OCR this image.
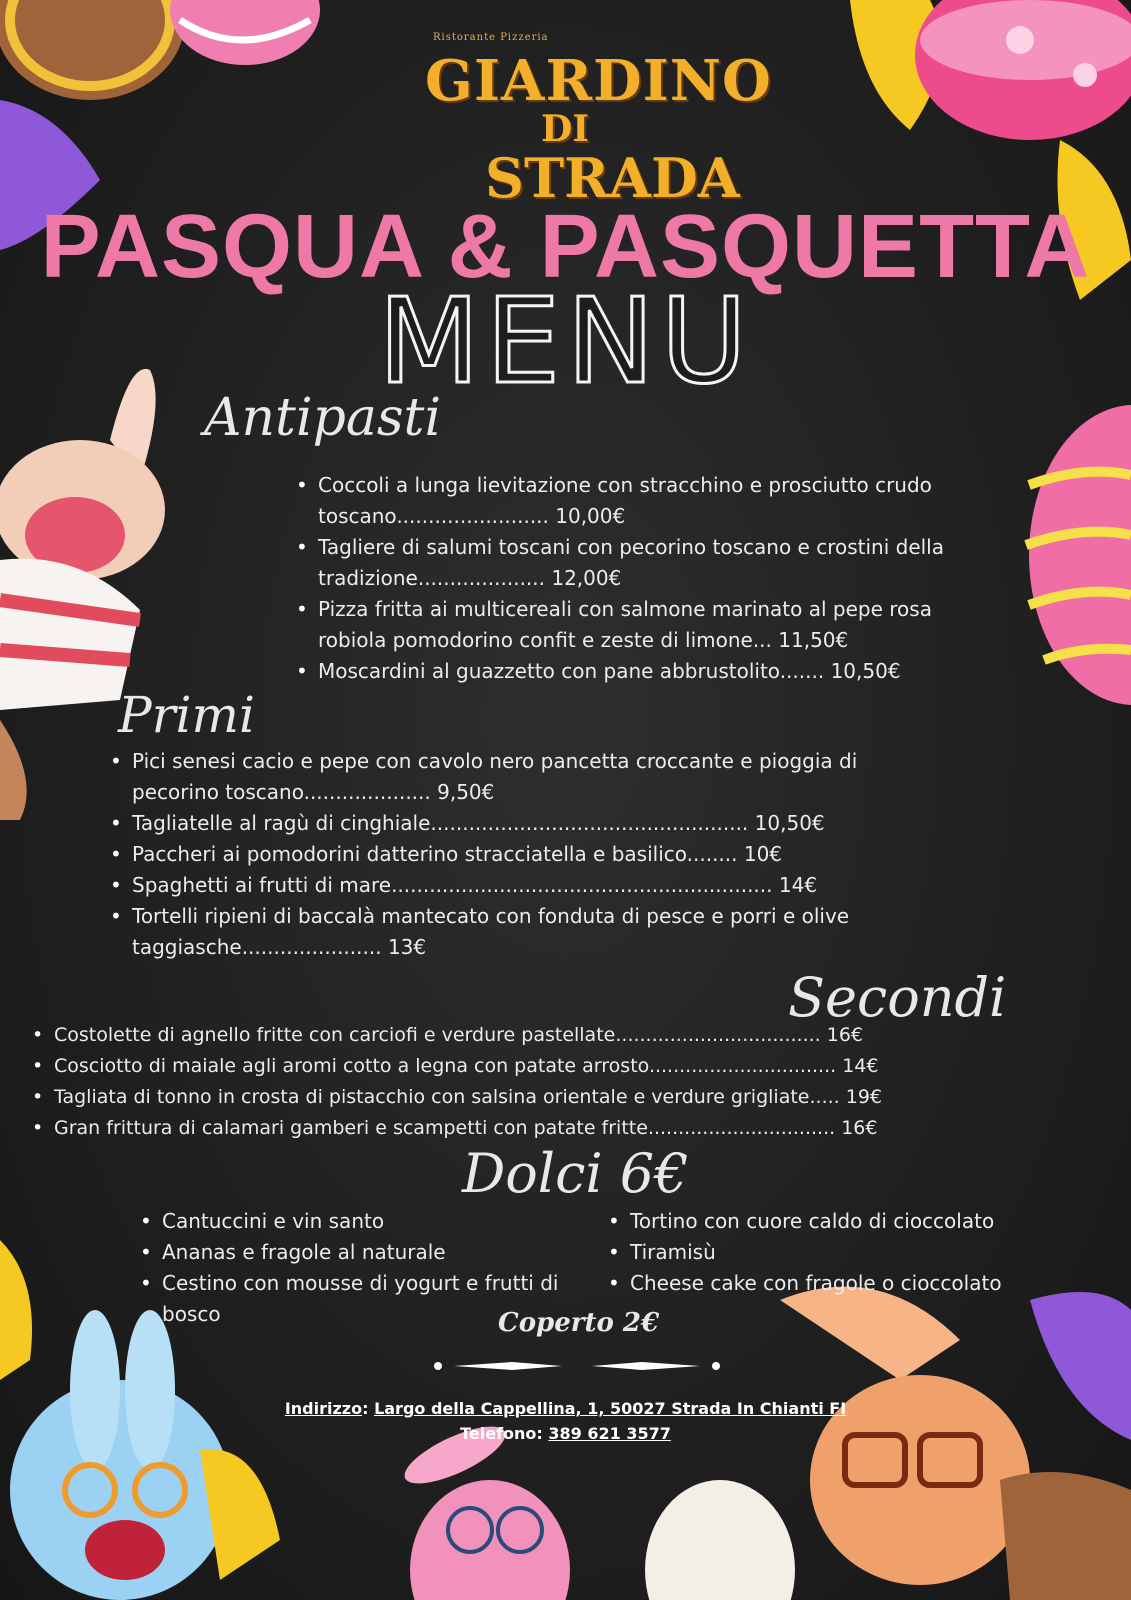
Ristorante Pizzeria
GIARDINO
DI
STRADA
PASQUA & PASQUETTA
MENU
Antipasti
• Coccoli a lunga lievitazione con stracchino e prosciutto crudo toscano........................ 10,00€
• Tagliere di salumi toscani con pecorino toscano e crostini della tradizione.................... 12,00€
• Pizza fritta ai multicereali con salmone marinato al pepe rosa robiola pomodorino confit e zeste di limone... 11,50€
• Moscardini al guazzetto con pane abbrustolito....... 10,50€
Primi
• Pici senesi cacio e pepe con cavolo nero pancetta croccante e pioggia di pecorino toscano.................... 9,50€
• Tagliatelle al ragù di cinghiale.................................................. 10,50€
• Paccheri ai pomodorini datterino stracciatella e basilico........ 10€
• Spaghetti ai frutti di mare............................................................ 14€
• Tortelli ripieni di baccalà mantecato con fonduta di pesce e porri e olive taggiasche...................... 13€
Secondi
• Costolette di agnello fritte con carciofi e verdure pastellate.................................. 16€
• Cosciotto di maiale agli aromi cotto a legna con patate arrosto............................... 14€
• Tagliata di tonno in crosta di pistacchio con salsina orientale e verdure grigliate..... 19€
• Gran frittura di calamari gamberi e scampetti con patate fritte............................... 16€
Dolci 6€
• Cantuccini e vin santo
• Ananas e fragole al naturale
• Cestino con mousse di yogurt e frutti di bosco
• Tortino con cuore caldo di cioccolato
• Tiramisù
• Cheese cake con fragole o cioccolato
Coperto 2€
Indirizzo: Largo della Cappellina, 1, 50027 Strada In Chianti FI
Telefono: 389 621 3577
